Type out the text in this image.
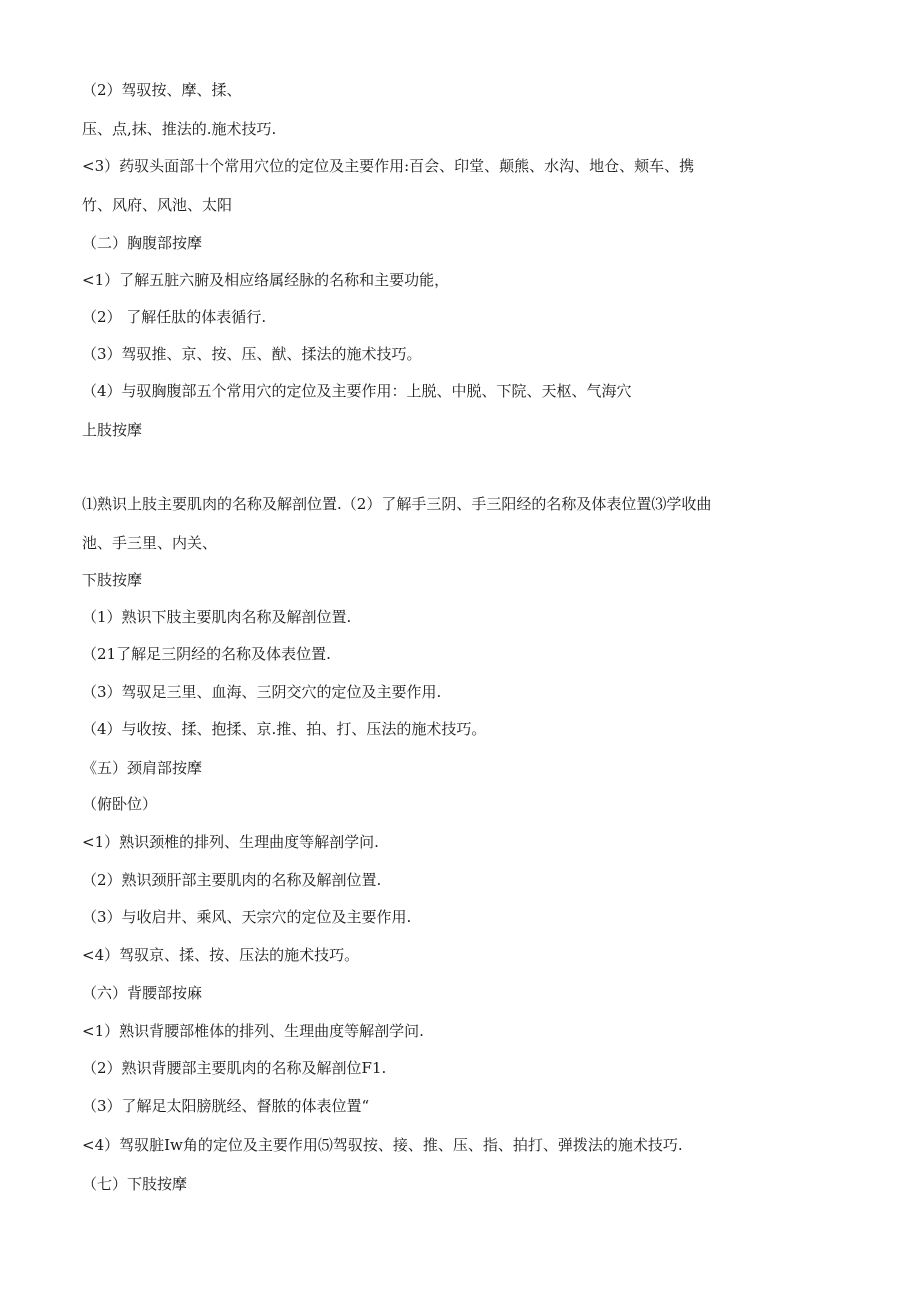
（2）驾驭按、摩、揉、
压、点,抹、推法的.施术技巧.
<3）药驭头面部十个常用穴位的定位及主要作用:百会、印堂、颠熊、水沟、地仓、颊车、携
竹、风府、风池、太阳
（二）胸腹部按摩
<1）了解五脏六腑及相应络属经脉的名称和主要功能，
（2） 了解任肽的体表循行.
（3）驾驭推、京、按、压、猷、揉法的施术技巧。
（4）与驭胸腹部五个常用穴的定位及主要作用：上脱、中脱、下院、天枢、气海穴
上肢按摩
⑴熟识上肢主要肌肉的名称及解剖位置.（2）了解手三阴、手三阳经的名称及体表位置⑶学收曲
池、手三里、内关、
下肢按摩
（1）熟识下肢主要肌肉名称及解剖位置.
（21了解足三阴经的名称及体表位置.
（3）驾驭足三里、血海、三阴交穴的定位及主要作用.
（4）与收按、揉、抱揉、京.推、拍、打、压法的施术技巧。
《五）颈肩部按摩
（俯卧位）
<1）熟识颈椎的排列、生理曲度等解剖学问.
（2）熟识颈肝部主要肌肉的名称及解剖位置.
（3）与收启井、乘风、天宗穴的定位及主要作用.
<4）驾驭京、揉、按、压法的施术技巧。
（六）背腰部按麻
<1）熟识背腰部椎体的排列、生理曲度等解剖学问.
（2）熟识背腰部主要肌肉的名称及解剖位F1.
（3）了解足太阳膀胱经、督脓的体表位置“
<4）驾驭脏Iw角的定位及主要作用⑸驾驭按、接、推、压、指、拍打、弹拨法的施术技巧.
（七）下肢按摩
